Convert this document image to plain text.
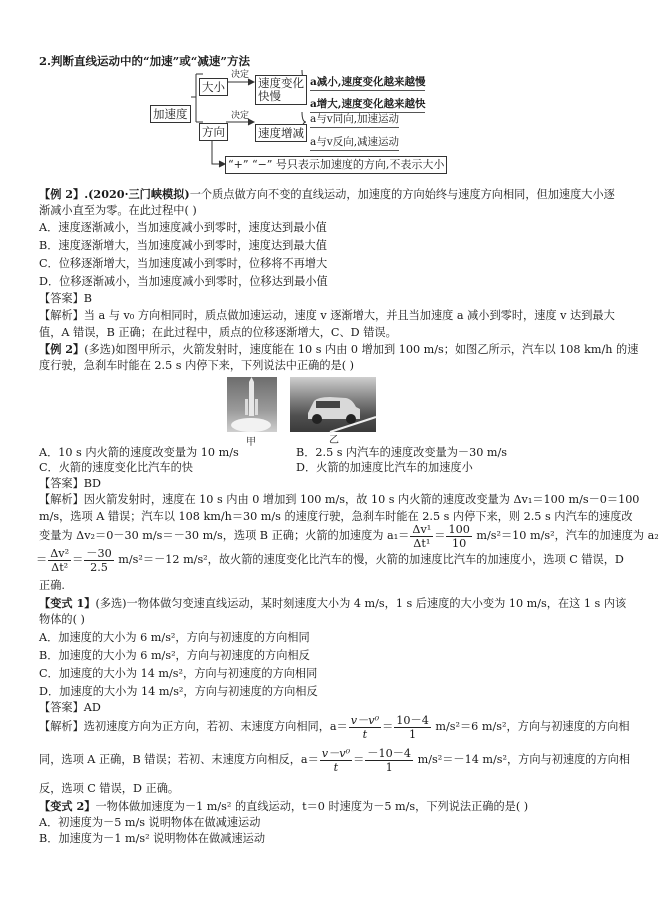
2.判断直线运动中的“加速”或“减速”方法
加速度
大小
方向
决定
决定
速度变化
快慢
速度增减
a减小,速度变化越来越慢
a增大,速度变化越来越快
a与v同向,加速运动
a与v反向,减速运动
“+” “−” 号只表示加速度的方向,不表示大小
【例 2】.(2020·三门峡模拟)一个质点做方向不变的直线运动，加速度的方向始终与速度方向相同，但加速度大小逐
渐减小直至为零。在此过程中( )
A．速度逐渐减小，当加速度减小到零时，速度达到最小值
B．速度逐渐增大，当加速度减小到零时，速度达到最大值
C．位移逐渐增大，当加速度减小到零时，位移将不再增大
D．位移逐渐减小，当加速度减小到零时，位移达到最小值
【答案】B
【解析】当 a 与 v₀ 方向相同时，质点做加速运动，速度 v 逐渐增大，并且当加速度 a 减小到零时，速度 v 达到最大
值，A 错误，B 正确；在此过程中，质点的位移逐渐增大，C、D 错误。
【例 2】(多选)如图甲所示，火箭发射时，速度能在 10 s 内由 0 增加到 100 m/s；如图乙所示，汽车以 108 km/h 的速
度行驶，急刹车时能在 2.5 s 内停下来，下列说法中正确的是( )
甲	乙
A．10 s 内火箭的速度改变量为 10 m/s	B．2.5 s 内汽车的速度改变量为－30 m/s
C．火箭的速度变化比汽车的快	D．火箭的加速度比汽车的加速度小
【答案】BD
【解析】因火箭发射时，速度在 10 s 内由 0 增加到 100 m/s，故 10 s 内火箭的速度改变量为 Δv₁＝100 m/s－0＝100
m/s，选项 A 错误；汽车以 108 km/h＝30 m/s 的速度行驶，急刹车时能在 2.5 s 内停下来，则 2.5 s 内汽车的速度改
变量为 Δv₂＝0－30 m/s＝－30 m/s，选项 B 正确；火箭的加速度为 $a_1= \frac{\text{Δv¹}}{\text{Δt¹}} = \frac{100}{10} m/s^2=10$ m/s²，汽车的加速度为 a₂
＝ $\frac{\text{Δv²}}{\text{Δt²}} = \frac{-30}{2.5} m/s^2=-12$ m/s²，故火箭的速度变化比汽车的慢，火箭的加速度比汽车的加速度小，选项 C 错误，D
正确.
【变式 1】(多选)一物体做匀变速直线运动，某时刻速度大小为 4 m/s，1 s 后速度的大小变为 10 m/s，在这 1 s 内该
物体的( )
A．加速度的大小为 6 m/s²，方向与初速度的方向相同
B．加速度的大小为 6 m/s²，方向与初速度的方向相反
C．加速度的大小为 14 m/s²，方向与初速度的方向相同
D．加速度的大小为 14 m/s²，方向与初速度的方向相反
【答案】AD
【解析】选初速度方向为正方向，若初、末速度方向相同，$a= \frac{\text{v－v⁰}}{t} = \frac{10-4}{1} m/s^2=6$ m/s²，方向与初速度的方向相
同，选项 A 正确，B 错误；若初、末速度方向相反，$a= \frac{\text{v－v⁰}}{t} = \frac{-10-4}{1} m/s^2=-14$ m/s²，方向与初速度的方向相
反，选项 C 错误，D 正确。
【变式 2】一物体做加速度为－1 m/s² 的直线运动，t＝0 时速度为－5 m/s，下列说法正确的是( )
A．初速度为－5 m/s 说明物体在做减速运动
B．加速度为－1 m/s² 说明物体在做减速运动
